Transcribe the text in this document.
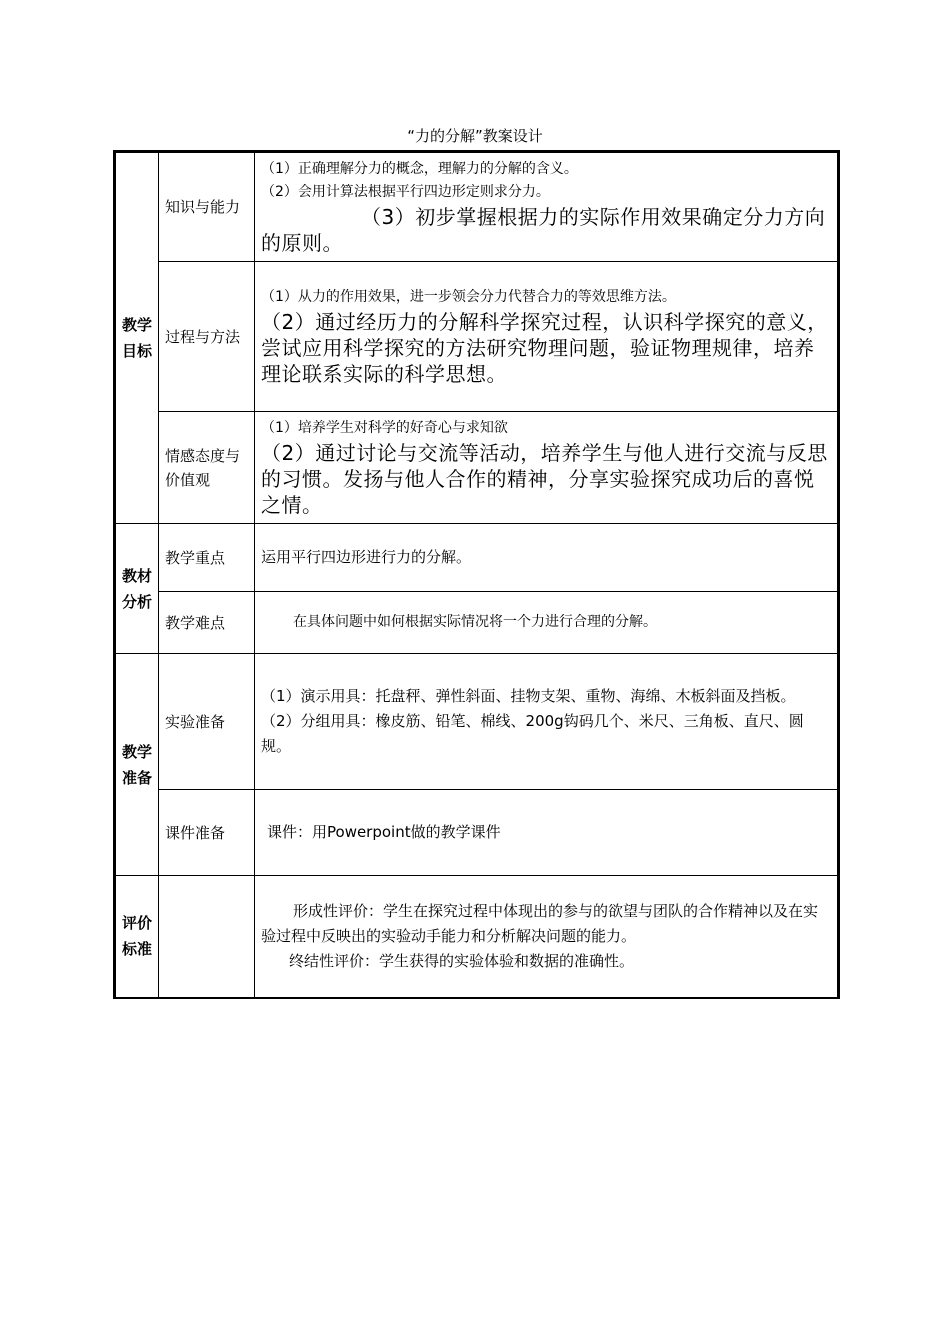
“力的分解”教案设计
教学目标	知识与能力	（1）正确理解分力的概念，理解力的分解的含义。

（2）会用计算法根据平行四边形定则求分力。

（3）初步掌握根据力的实际作用效果确定分力方向的原则。

	过程与方法	（1）从力的作用效果，进一步领会分力代替合力的等效思维方法。

（2）通过经历力的分解科学探究过程，认识科学探究的意义，尝试应用科学探究的方法研究物理问题，验证物理规律，培养理论联系实际的科学思想。

	情感态度与价值观	（1）培养学生对科学的好奇心与求知欲

（2）通过讨论与交流等活动，培养学生与他人进行交流与反思的习惯。发扬与他人合作的精神，分享实验探究成功后的喜悦之情。

教材分析	教学重点	运用平行四边形进行力的分解。

	教学难点	在具体问题中如何根据实际情况将一个力进行合理的分解。

教学准备	实验准备	（1）演示用具：托盘秤、弹性斜面、挂物支架、重物、海绵、木板斜面及挡板。

（2）分组用具：橡皮筋、铅笔、棉线、200g钩码几个、米尺、三角板、直尺、圆规。

	课件准备	课件：用Powerpoint做的教学课件

评价标准		形成性评价：学生在探究过程中体现出的参与的欲望与团队的合作精神以及在实验过程中反映出的实验动手能力和分析解决问题的能力。

终结性评价：学生获得的实验体验和数据的准确性。
